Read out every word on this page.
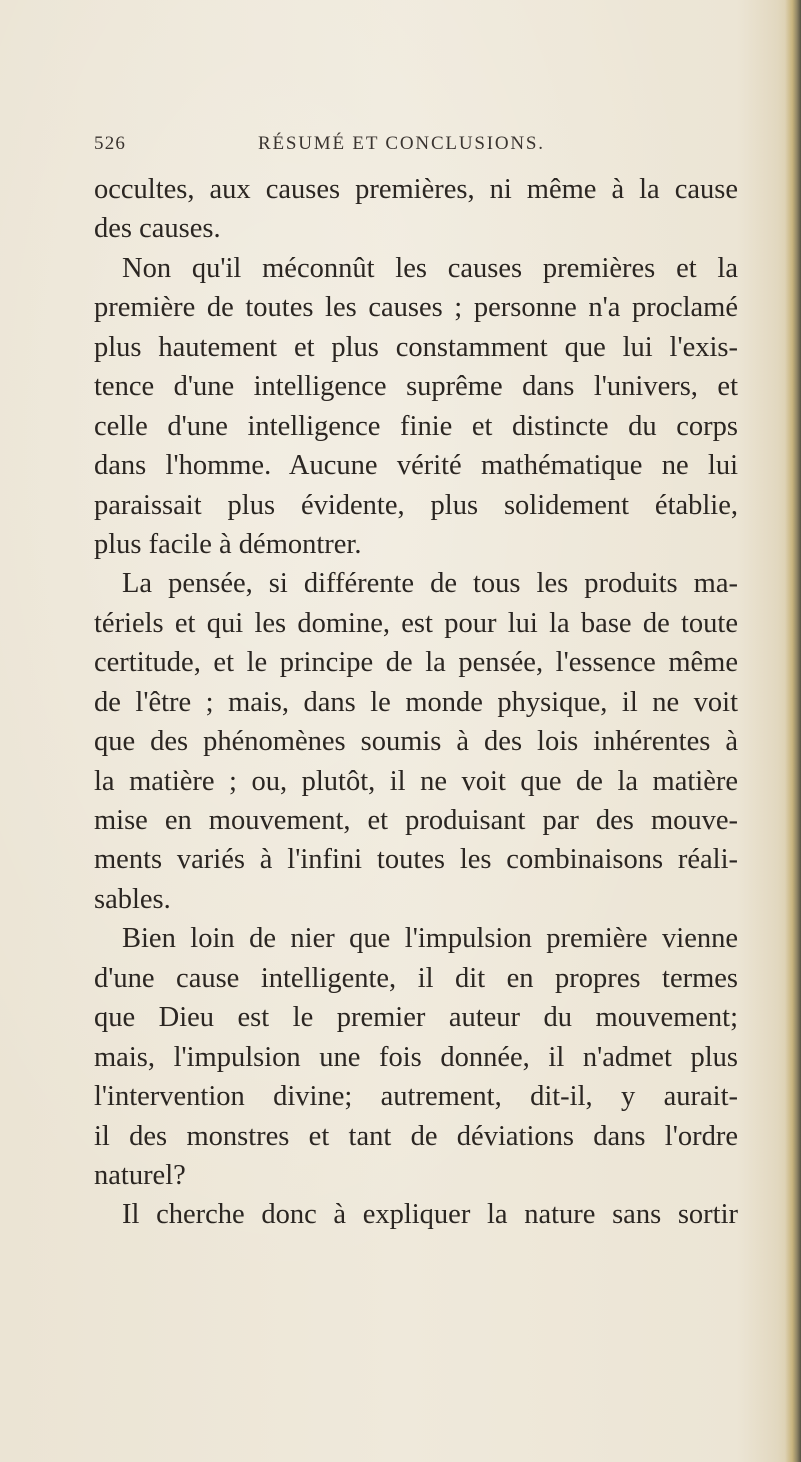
526	RÉSUMÉ ET CONCLUSIONS.
occultes, aux causes premières, ni même à la cause
des causes.
Non qu'il méconnût les causes premières et la
première de toutes les causes ; personne n'a proclamé
plus hautement et plus constamment que lui l'exis-
tence d'une intelligence suprême dans l'univers, et
celle d'une intelligence finie et distincte du corps
dans l'homme. Aucune vérité mathématique ne lui
paraissait plus évidente, plus solidement établie,
plus facile à démontrer.
La pensée, si différente de tous les produits ma-
tériels et qui les domine, est pour lui la base de toute
certitude, et le principe de la pensée, l'essence même
de l'être ; mais, dans le monde physique, il ne voit
que des phénomènes soumis à des lois inhérentes à
la matière ; ou, plutôt, il ne voit que de la matière
mise en mouvement, et produisant par des mouve-
ments variés à l'infini toutes les combinaisons réali-
sables.
Bien loin de nier que l'impulsion première vienne
d'une cause intelligente, il dit en propres termes
que Dieu est le premier auteur du mouvement;
mais, l'impulsion une fois donnée, il n'admet plus
l'intervention divine; autrement, dit-il, y aurait-
il des monstres et tant de déviations dans l'ordre
naturel?
Il cherche donc à expliquer la nature sans sortir
